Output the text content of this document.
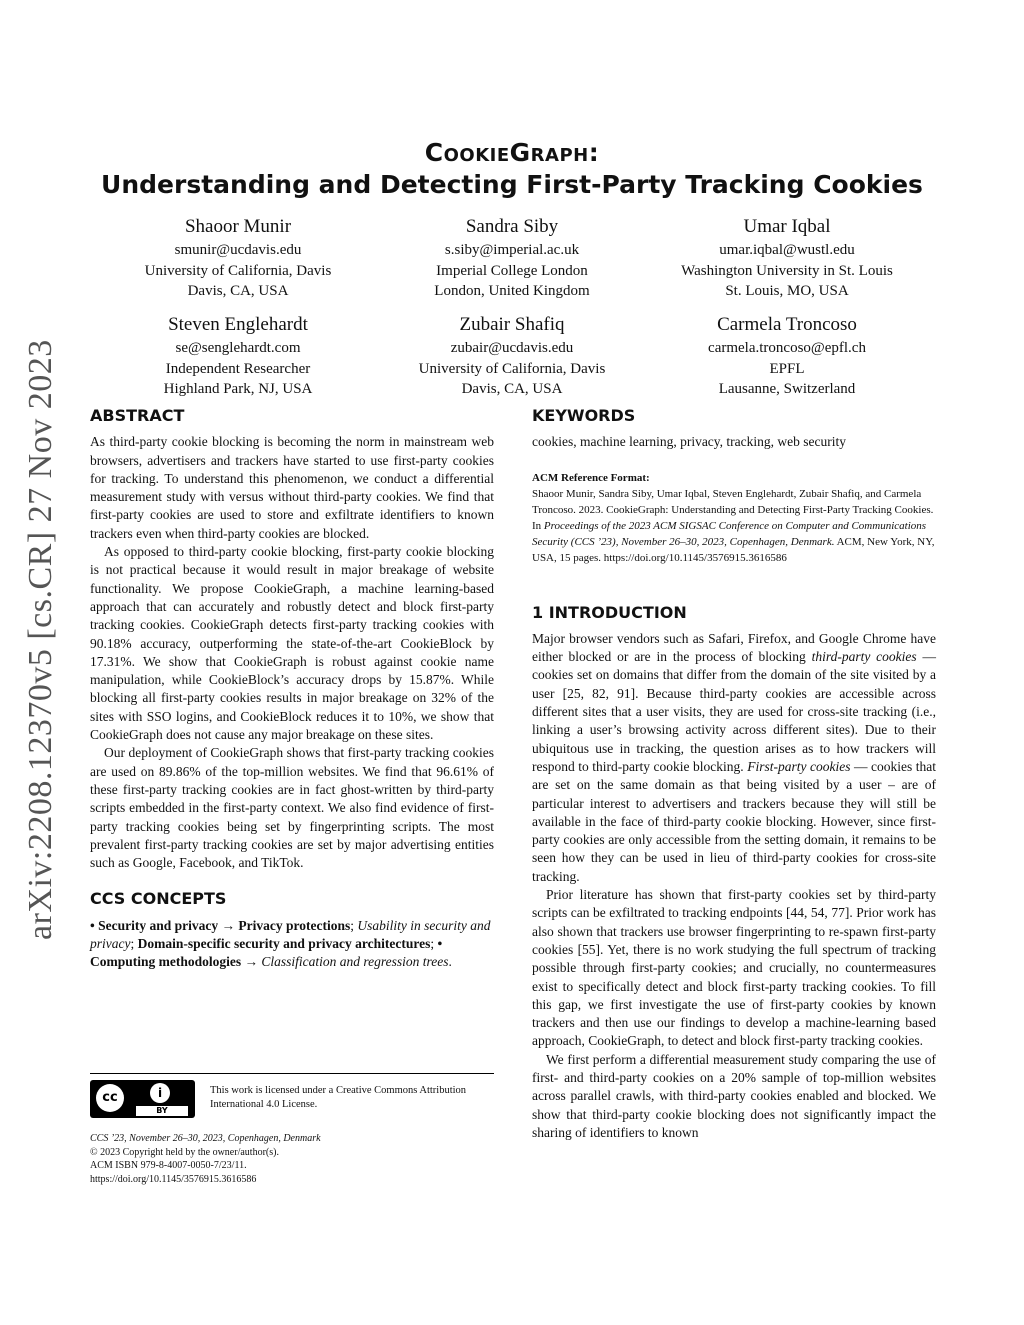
arXiv:2208.12370v5 [cs.CR] 27 Nov 2023
CookieGraph:
Understanding and Detecting First-Party Tracking Cookies
Shaoor Munir
smunir@ucdavis.edu
University of California, Davis
Davis, CA, USA
Sandra Siby
s.siby@imperial.ac.uk
Imperial College London
London, United Kingdom
Umar Iqbal
umar.iqbal@wustl.edu
Washington University in St. Louis
St. Louis, MO, USA
Steven Englehardt
se@senglehardt.com
Independent Researcher
Highland Park, NJ, USA
Zubair Shafiq
zubair@ucdavis.edu
University of California, Davis
Davis, CA, USA
Carmela Troncoso
carmela.troncoso@epfl.ch
EPFL
Lausanne, Switzerland
ABSTRACT

As third-party cookie blocking is becoming the norm in mainstream web browsers, advertisers and trackers have started to use first-party cookies for tracking. To understand this phenomenon, we conduct a differential measurement study with versus without third-party cookies. We find that first-party cookies are used to store and exfiltrate identifiers to known trackers even when third-party cookies are blocked.

As opposed to third-party cookie blocking, first-party cookie blocking is not practical because it would result in major breakage of website functionality. We propose CookieGraph, a machine learning-based approach that can accurately and robustly detect and block first-party tracking cookies. CookieGraph detects first-party tracking cookies with 90.18% accuracy, outperforming the state-of-the-art CookieBlock by 17.31%. We show that CookieGraph is robust against cookie name manipulation, while CookieBlock’s accuracy drops by 15.87%. While blocking all first-party cookies results in major breakage on 32% of the sites with SSO logins, and CookieBlock reduces it to 10%, we show that CookieGraph does not cause any major breakage on these sites.

Our deployment of CookieGraph shows that first-party tracking cookies are used on 89.86% of the top-million websites. We find that 96.61% of these first-party tracking cookies are in fact ghost-written by third-party scripts embedded in the first-party context. We also find evidence of first-party tracking cookies being set by fingerprinting scripts. The most prevalent first-party tracking cookies are set by major advertising entities such as Google, Facebook, and TikTok.

CCS CONCEPTS

• Security and privacy → Privacy protections; Usability in security and privacy; Domain-specific security and privacy architectures; • Computing methodologies → Classification and regression trees.

cc	i
BY
This work is licensed under a Creative Commons Attribution International 4.0 License.
CCS ’23, November 26–30, 2023, Copenhagen, Denmark
© 2023 Copyright held by the owner/author(s).
ACM ISBN 979-8-4007-0050-7/23/11.
https://doi.org/10.1145/3576915.3616586
KEYWORDS

cookies, machine learning, privacy, tracking, web security

ACM Reference Format:
Shaoor Munir, Sandra Siby, Umar Iqbal, Steven Englehardt, Zubair Shafiq, and Carmela Troncoso. 2023. CookieGraph: Understanding and Detecting First-Party Tracking Cookies. In Proceedings of the 2023 ACM SIGSAC Conference on Computer and Communications Security (CCS ’23), November 26–30, 2023, Copenhagen, Denmark. ACM, New York, NY, USA, 15 pages. https://doi.org/10.1145/3576915.3616586
1 INTRODUCTION

Major browser vendors such as Safari, Firefox, and Google Chrome have either blocked or are in the process of blocking third-party cookies — cookies set on domains that differ from the domain of the site visited by a user [25, 82, 91]. Because third-party cookies are accessible across different sites that a user visits, they are used for cross-site tracking (i.e., linking a user’s browsing activity across different sites). Due to their ubiquitous use in tracking, the question arises as to how trackers will respond to third-party cookie blocking. First-party cookies — cookies that are set on the same domain as that being visited by a user – are of particular interest to advertisers and trackers because they will still be available in the face of third-party cookie blocking. However, since first-party cookies are only accessible from the setting domain, it remains to be seen how they can be used in lieu of third-party cookies for cross-site tracking.

Prior literature has shown that first-party cookies set by third-party scripts can be exfiltrated to tracking endpoints [44, 54, 77]. Prior work has also shown that trackers use browser fingerprinting to re-spawn first-party cookies [55]. Yet, there is no work studying the full spectrum of tracking possible through first-party cookies; and crucially, no countermeasures exist to specifically detect and block first-party tracking cookies. To fill this gap, we first investigate the use of first-party cookies by known trackers and then use our findings to develop a machine-learning based approach, CookieGraph, to detect and block first-party tracking cookies.

We first perform a differential measurement study comparing the use of first- and third-party cookies on a 20% sample of top-million websites across parallel crawls, with third-party cookies enabled and blocked. We show that third-party cookie blocking does not significantly impact the sharing of identifiers to known
